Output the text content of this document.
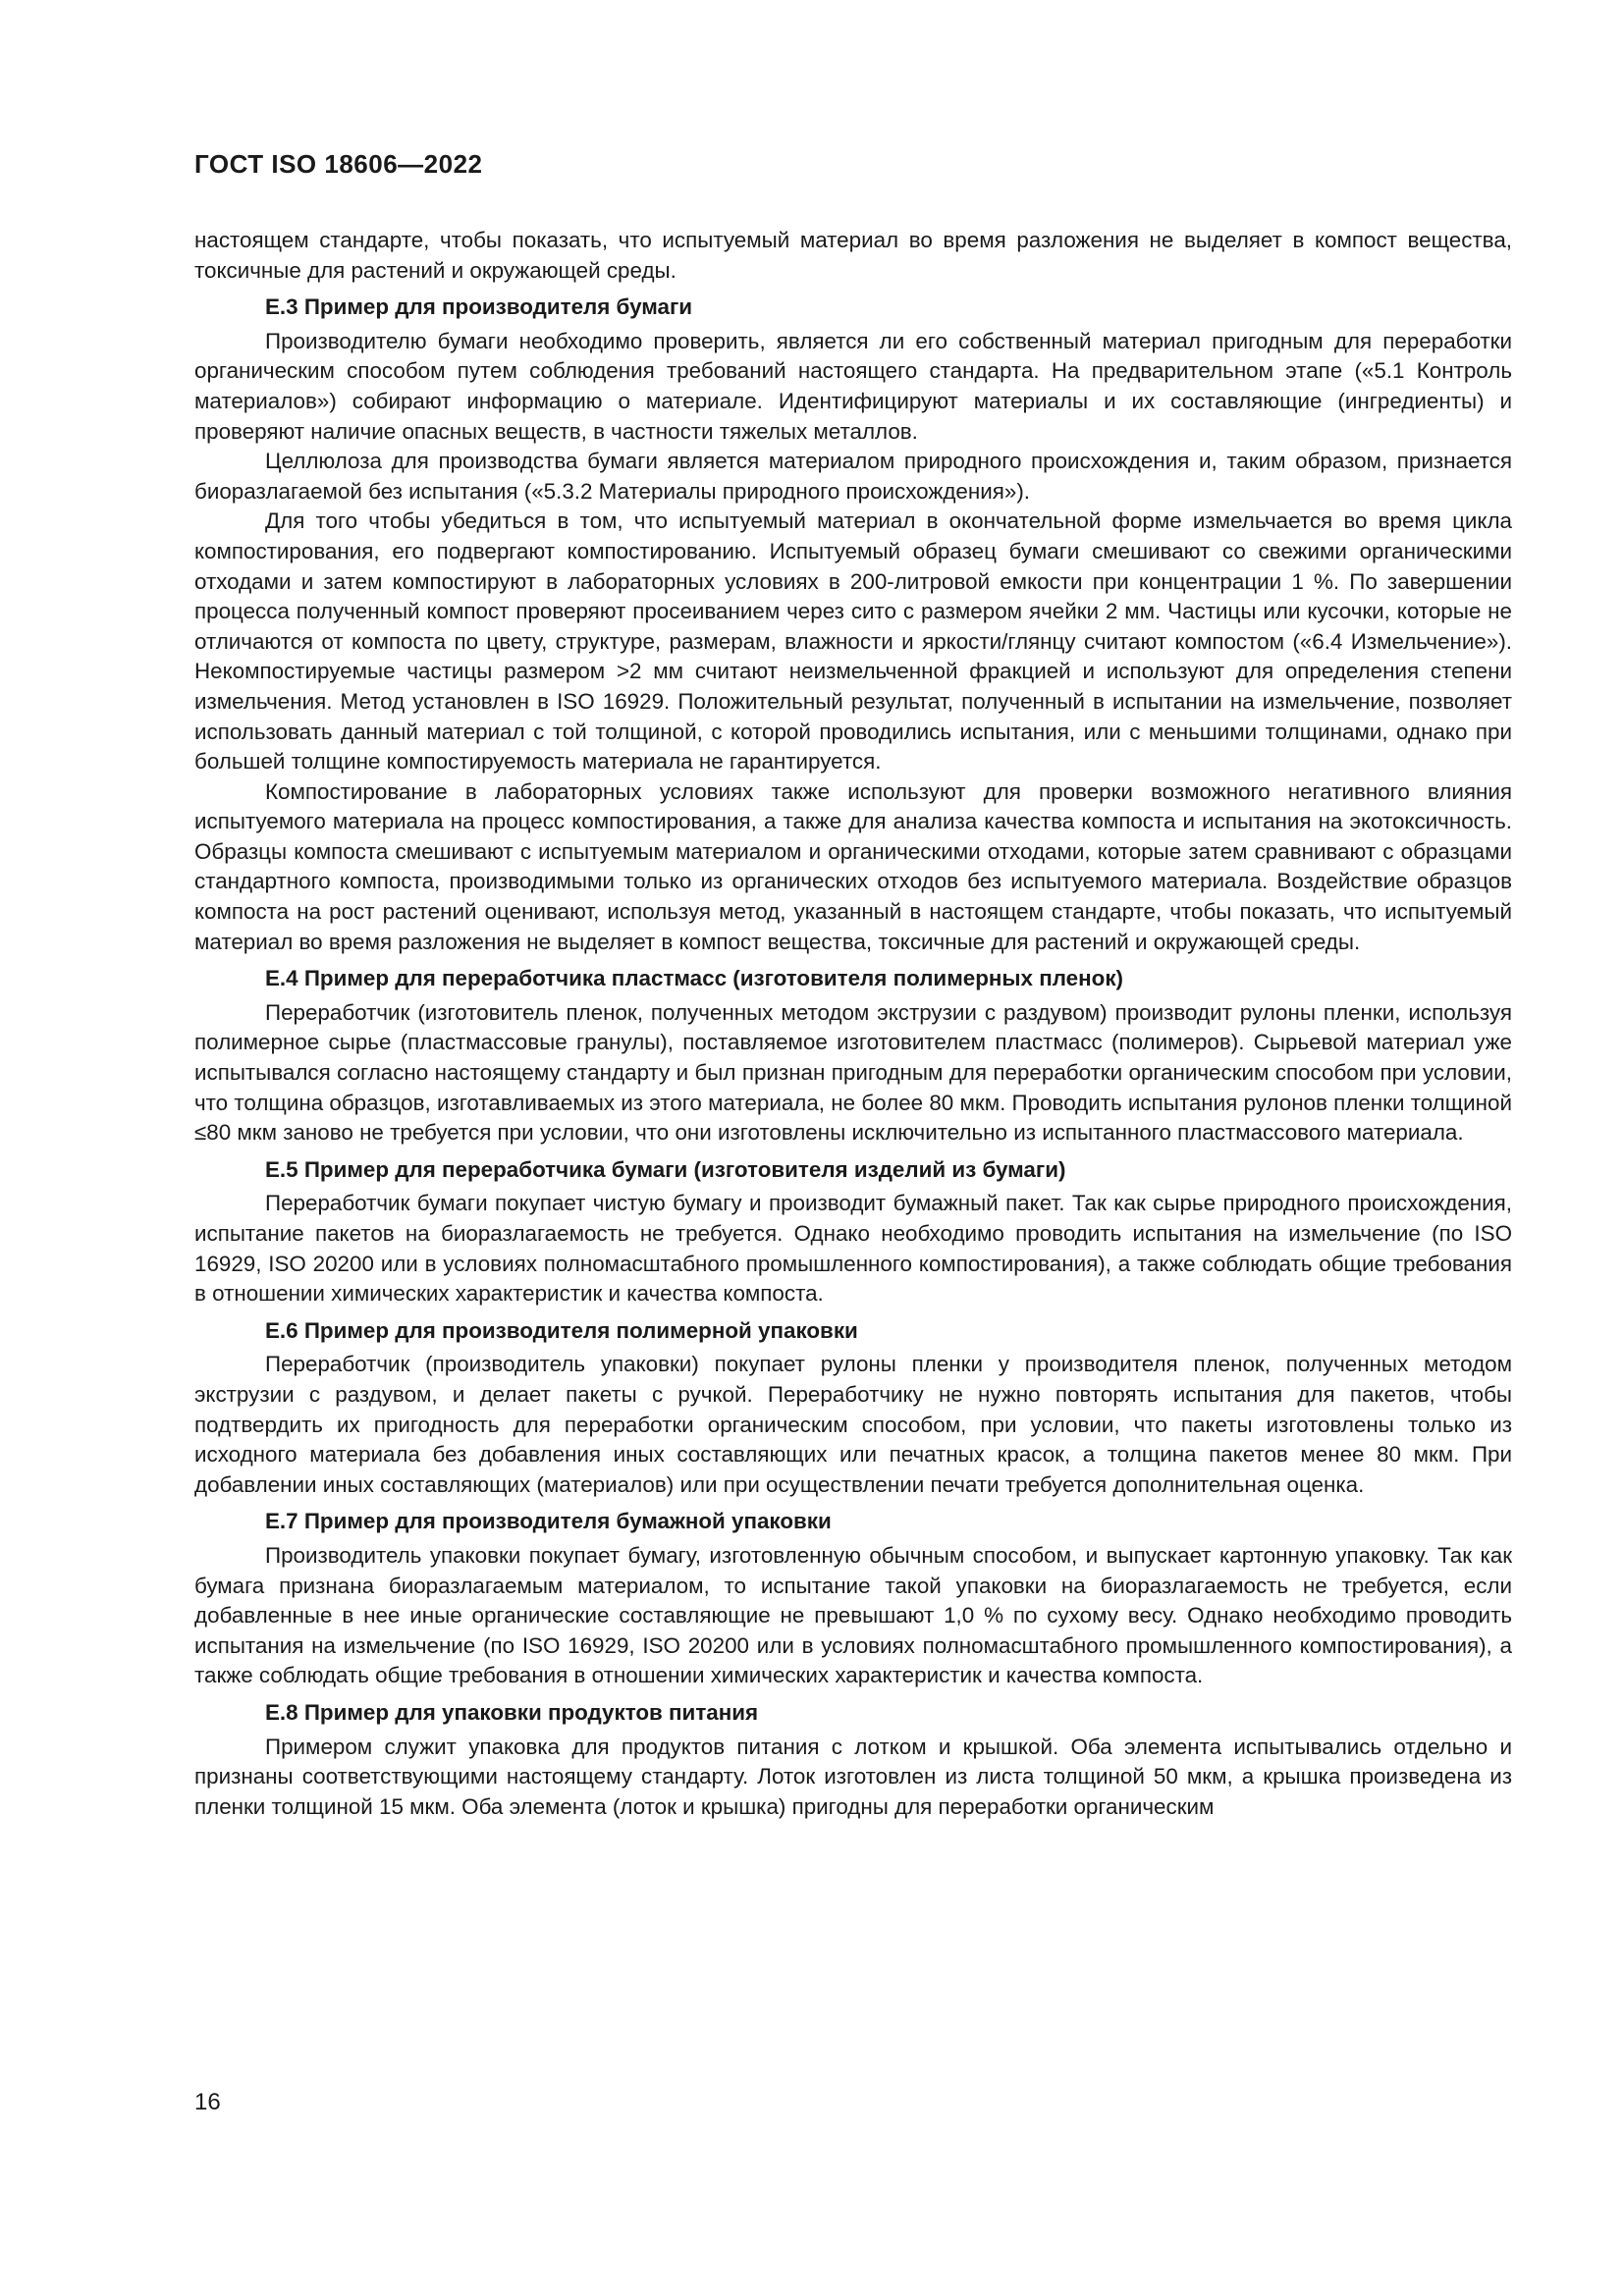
ГОСТ ISO 18606—2022

настоящем стандарте, чтобы показать, что испытуемый материал во время разложения не выделяет в компост вещества, токсичные для растений и окружающей среды.

Е.3 Пример для производителя бумаги

Производителю бумаги необходимо проверить, является ли его собственный материал пригодным для переработки органическим способом путем соблюдения требований настоящего стандарта. На предварительном этапе («5.1 Контроль материалов») собирают информацию о материале. Идентифицируют материалы и их составляющие (ингредиенты) и проверяют наличие опасных веществ, в частности тяжелых металлов.

Целлюлоза для производства бумаги является материалом природного происхождения и, таким образом, признается биоразлагаемой без испытания («5.3.2 Материалы природного происхождения»).

Для того чтобы убедиться в том, что испытуемый материал в окончательной форме измельчается во время цикла компостирования, его подвергают компостированию. Испытуемый образец бумаги смешивают со свежими органическими отходами и затем компостируют в лабораторных условиях в 200-литровой емкости при концентрации 1 %. По завершении процесса полученный компост проверяют просеиванием через сито с размером ячейки 2 мм. Частицы или кусочки, которые не отличаются от компоста по цвету, структуре, размерам, влажности и яркости/глянцу считают компостом («6.4 Измельчение»). Некомпостируемые частицы размером >2 мм считают неизмельченной фракцией и используют для определения степени измельчения. Метод установлен в ISO 16929. Положительный результат, полученный в испытании на измельчение, позволяет использовать данный материал с той толщиной, с которой проводились испытания, или с меньшими толщинами, однако при большей толщине компостируемость материала не гарантируется.

Компостирование в лабораторных условиях также используют для проверки возможного негативного влияния испытуемого материала на процесс компостирования, а также для анализа качества компоста и испытания на экотоксичность. Образцы компоста смешивают с испытуемым материалом и органическими отходами, которые затем сравнивают с образцами стандартного компоста, производимыми только из органических отходов без испытуемого материала. Воздействие образцов компоста на рост растений оценивают, используя метод, указанный в настоящем стандарте, чтобы показать, что испытуемый материал во время разложения не выделяет в компост вещества, токсичные для растений и окружающей среды.

Е.4 Пример для переработчика пластмасс (изготовителя полимерных пленок)

Переработчик (изготовитель пленок, полученных методом экструзии с раздувом) производит рулоны пленки, используя полимерное сырье (пластмассовые гранулы), поставляемое изготовителем пластмасс (полимеров). Сырьевой материал уже испытывался согласно настоящему стандарту и был признан пригодным для переработки органическим способом при условии, что толщина образцов, изготавливаемых из этого материала, не более 80 мкм. Проводить испытания рулонов пленки толщиной ≤80 мкм заново не требуется при условии, что они изготовлены исключительно из испытанного пластмассового материала.

Е.5 Пример для переработчика бумаги (изготовителя изделий из бумаги)

Переработчик бумаги покупает чистую бумагу и производит бумажный пакет. Так как сырье природного происхождения, испытание пакетов на биоразлагаемость не требуется. Однако необходимо проводить испытания на измельчение (по ISO 16929, ISO 20200 или в условиях полномасштабного промышленного компостирования), а также соблюдать общие требования в отношении химических характеристик и качества компоста.

Е.6 Пример для производителя полимерной упаковки

Переработчик (производитель упаковки) покупает рулоны пленки у производителя пленок, полученных методом экструзии с раздувом, и делает пакеты с ручкой. Переработчику не нужно повторять испытания для пакетов, чтобы подтвердить их пригодность для переработки органическим способом, при условии, что пакеты изготовлены только из исходного материала без добавления иных составляющих или печатных красок, а толщина пакетов менее 80 мкм. При добавлении иных составляющих (материалов) или при осуществлении печати требуется дополнительная оценка.

Е.7 Пример для производителя бумажной упаковки

Производитель упаковки покупает бумагу, изготовленную обычным способом, и выпускает картонную упаковку. Так как бумага признана биоразлагаемым материалом, то испытание такой упаковки на биоразлагаемость не требуется, если добавленные в нее иные органические составляющие не превышают 1,0 % по сухому весу. Однако необходимо проводить испытания на измельчение (по ISO 16929, ISO 20200 или в условиях полномасштабного промышленного компостирования), а также соблюдать общие требования в отношении химических характеристик и качества компоста.

Е.8 Пример для упаковки продуктов питания

Примером служит упаковка для продуктов питания с лотком и крышкой. Оба элемента испытывались отдельно и признаны соответствующими настоящему стандарту. Лоток изготовлен из листа толщиной 50 мкм, а крышка произведена из пленки толщиной 15 мкм. Оба элемента (лоток и крышка) пригодны для переработки органическим

16
